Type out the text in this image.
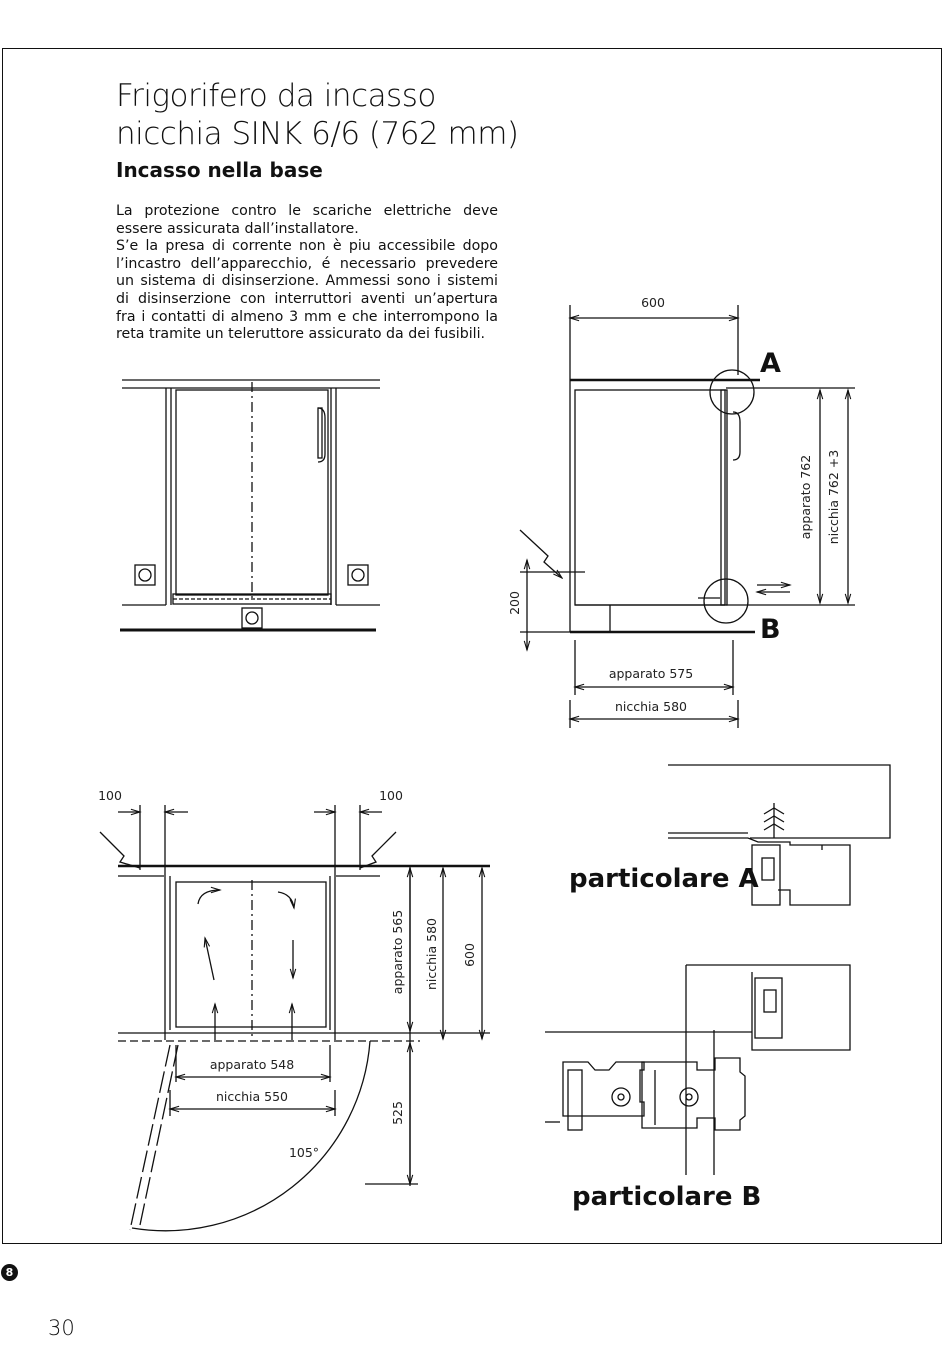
Frigorifero da incasso
nicchia SINK 6/6 (762 mm)
Incasso nella base

La protezione contro le scariche elettriche deve essere assicurata dall’installatore.

S’e la presa di corrente non è piu accessibile dopo l’incastro dell’apparecchio, é necessario prevedere un sistema di disinserzione. Ammessi sono i sistemi di disinserzione con interruttori aventi un’apertura fra i contatti di almeno 3 mm e che interrompono la reta tramite un teleruttore assicurato da dei fusibili.

600
A
B
apparato 762 nicchia 762 +3
200
apparato 575
nicchia 580
100	100
apparato 565 nicchia 580 600
apparato 548
nicchia 550
525
105°
particolare A
particolare B
8
30
